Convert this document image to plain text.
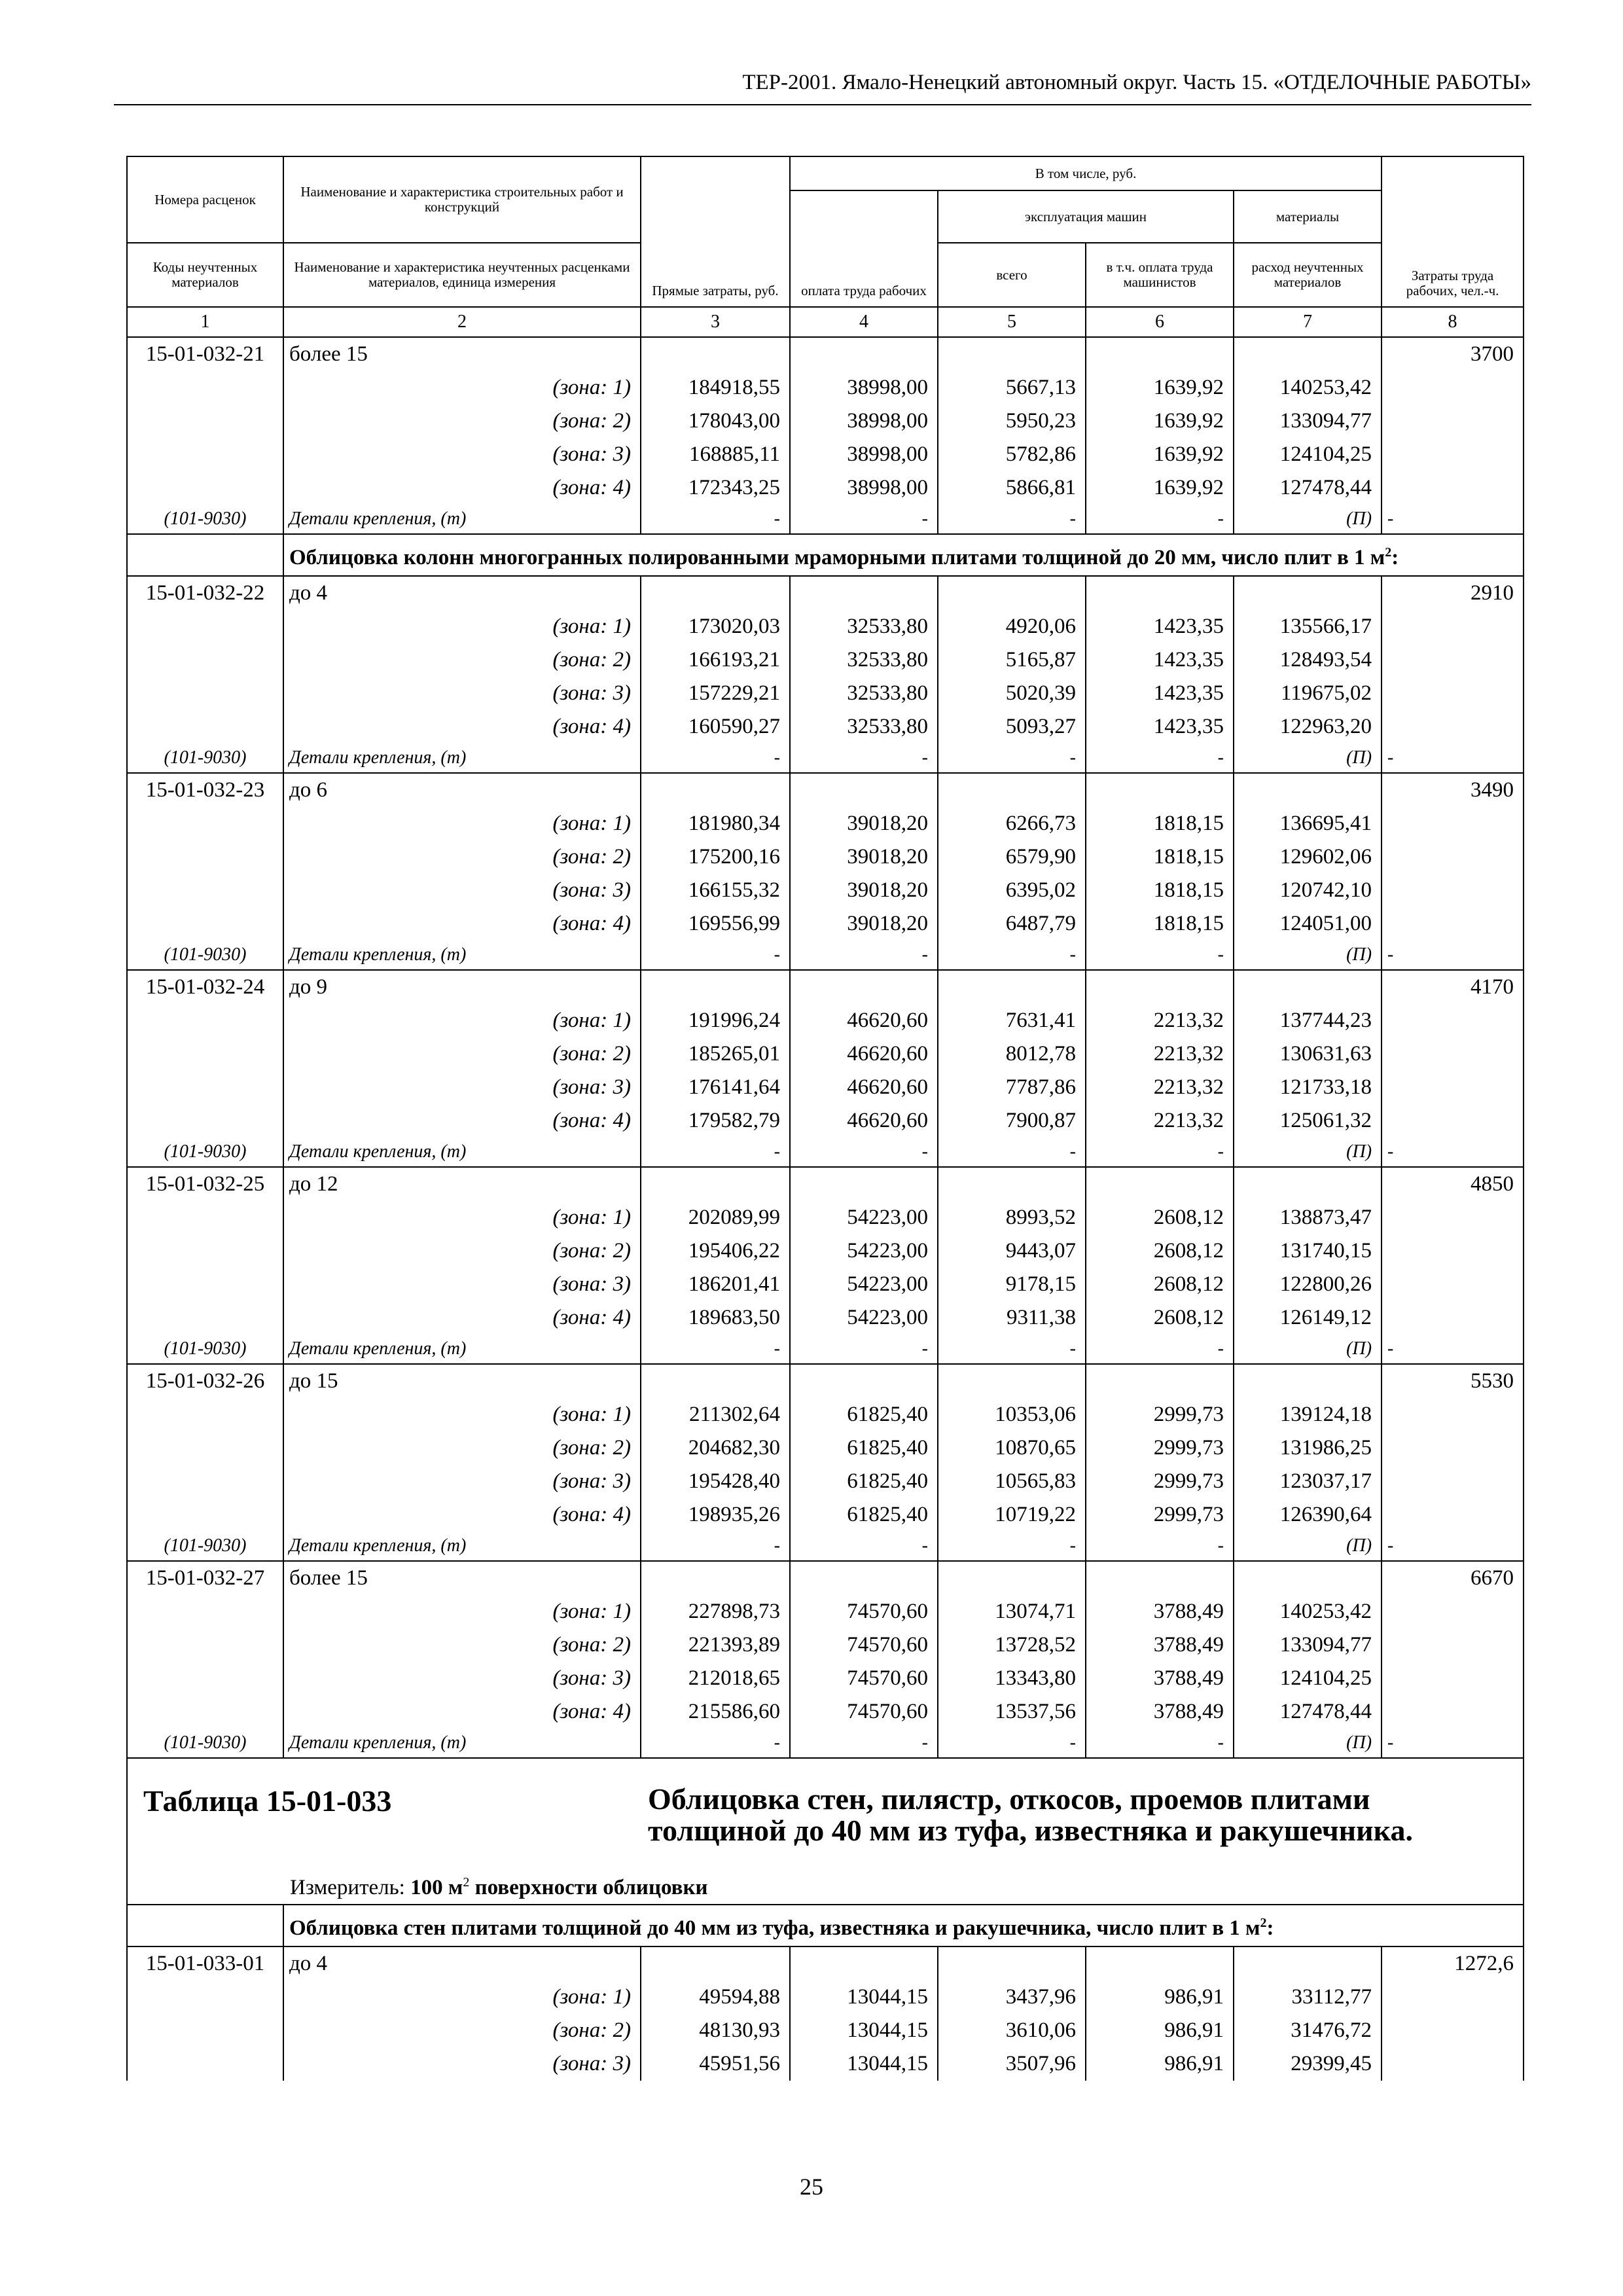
ТЕР-2001. Ямало-Ненецкий автономный округ. Часть 15. «ОТДЕЛОЧНЫЕ РАБОТЫ»
Номера расценок	Наименование и характеристика строительных работ и конструкций	Прямые затраты, руб.	В том числе, руб.				Затраты труда рабочих, чел.-ч.
			оплата труда рабочих	эксплуатация машин		материалы	
Коды неучтенных материалов	Наименование и характеристика неучтенных расценками материалов, единица измерения			всего	в т.ч. оплата труда машинистов	расход неучтенных материалов	

1	2	3	4	5	6	7	8
15-01-032-21	более 15						3700
	(зона: 1)	184918,55	38998,00	5667,13	1639,92	140253,42	
	(зона: 2)	178043,00	38998,00	5950,23	1639,92	133094,77	
	(зона: 3)	168885,11	38998,00	5782,86	1639,92	124104,25	
	(зона: 4)	172343,25	38998,00	5866,81	1639,92	127478,44	
(101-9030)	Детали крепления, (т)	-	-	-	-	(П)	-
	Облицовка колонн многогранных полированными мраморными плитами толщиной до 20 мм, число плит в 1 $м^2$:						
15-01-032-22	до 4						2910
	(зона: 1)	173020,03	32533,80	4920,06	1423,35	135566,17	
	(зона: 2)	166193,21	32533,80	5165,87	1423,35	128493,54	
	(зона: 3)	157229,21	32533,80	5020,39	1423,35	119675,02	
	(зона: 4)	160590,27	32533,80	5093,27	1423,35	122963,20	
(101-9030)	Детали крепления, (т)	-	-	-	-	(П)	-
15-01-032-23	до 6						3490
	(зона: 1)	181980,34	39018,20	6266,73	1818,15	136695,41	
	(зона: 2)	175200,16	39018,20	6579,90	1818,15	129602,06	
	(зона: 3)	166155,32	39018,20	6395,02	1818,15	120742,10	
	(зона: 4)	169556,99	39018,20	6487,79	1818,15	124051,00	
(101-9030)	Детали крепления, (т)	-	-	-	-	(П)	-
15-01-032-24	до 9						4170
	(зона: 1)	191996,24	46620,60	7631,41	2213,32	137744,23	
	(зона: 2)	185265,01	46620,60	8012,78	2213,32	130631,63	
	(зона: 3)	176141,64	46620,60	7787,86	2213,32	121733,18	
	(зона: 4)	179582,79	46620,60	7900,87	2213,32	125061,32	
(101-9030)	Детали крепления, (т)	-	-	-	-	(П)	-
15-01-032-25	до 12						4850
	(зона: 1)	202089,99	54223,00	8993,52	2608,12	138873,47	
	(зона: 2)	195406,22	54223,00	9443,07	2608,12	131740,15	
	(зона: 3)	186201,41	54223,00	9178,15	2608,12	122800,26	
	(зона: 4)	189683,50	54223,00	9311,38	2608,12	126149,12	
(101-9030)	Детали крепления, (т)	-	-	-	-	(П)	-
15-01-032-26	до 15						5530
	(зона: 1)	211302,64	61825,40	10353,06	2999,73	139124,18	
	(зона: 2)	204682,30	61825,40	10870,65	2999,73	131986,25	
	(зона: 3)	195428,40	61825,40	10565,83	2999,73	123037,17	
	(зона: 4)	198935,26	61825,40	10719,22	2999,73	126390,64	
(101-9030)	Детали крепления, (т)	-	-	-	-	(П)	-
15-01-032-27	более 15						6670
	(зона: 1)	227898,73	74570,60	13074,71	3788,49	140253,42	
	(зона: 2)	221393,89	74570,60	13728,52	3788,49	133094,77	
	(зона: 3)	212018,65	74570,60	13343,80	3788,49	124104,25	
	(зона: 4)	215586,60	74570,60	13537,56	3788,49	127478,44	
(101-9030)	Детали крепления, (т)	-	-	-	-	(П)	-

Таблица 15-01-033 Облицовка стен, пилястр, откосов, проемов плитами толщиной до 40 мм из туфа, известняка и ракушечника.
Измеритель: 100 $м^2$ поверхности облицовки							

	Облицовка стен плитами толщиной до 40 мм из туфа, известняка и ракушечника, число плит в 1 $м^2$:						
15-01-033-01	до 4						1272,6
	(зона: 1)	49594,88	13044,15	3437,96	986,91	33112,77	
	(зона: 2)	48130,93	13044,15	3610,06	986,91	31476,72	
	(зона: 3)	45951,56	13044,15	3507,96	986,91	29399,45	
25
